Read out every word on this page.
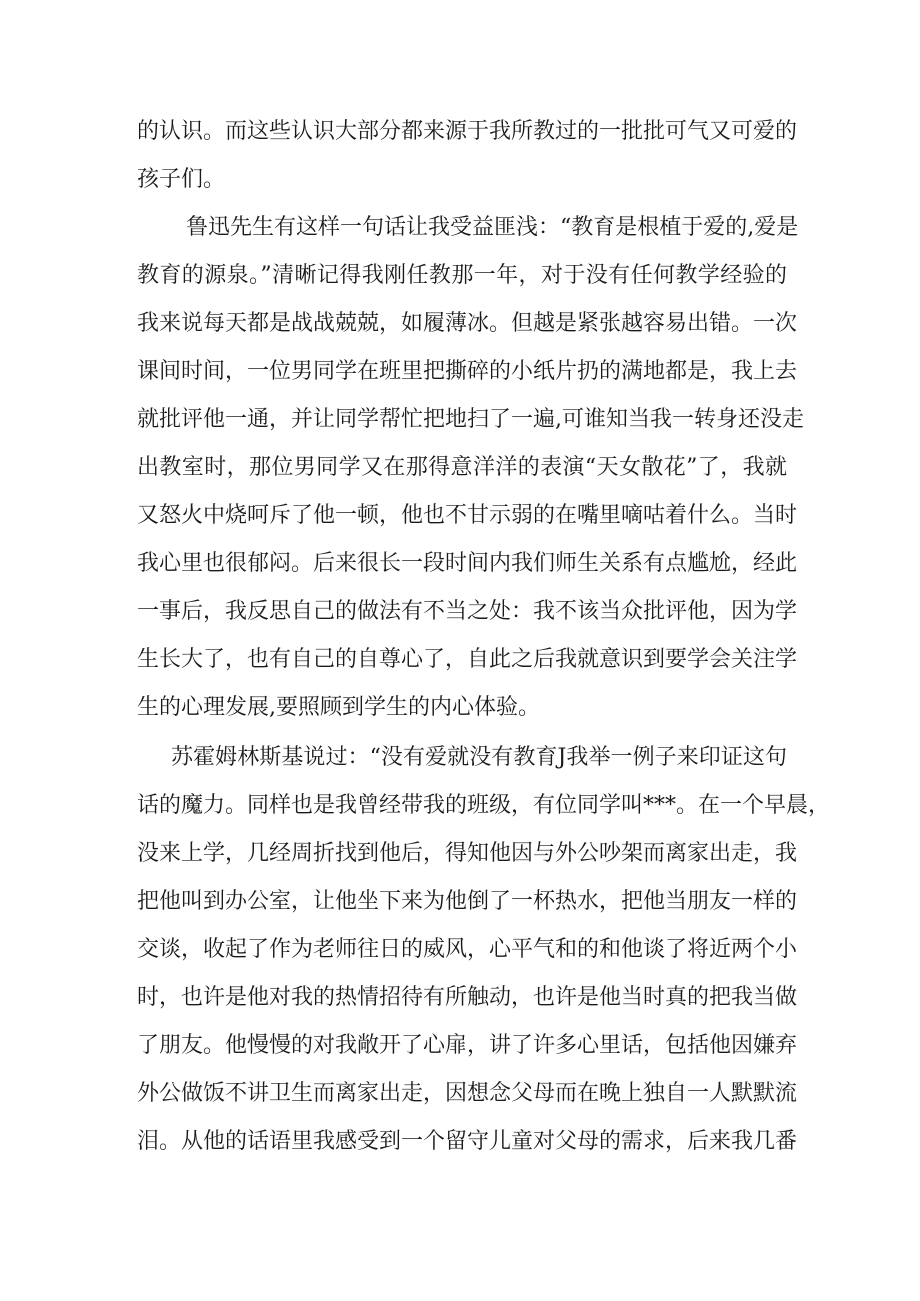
的认识。而这些认识大部分都来源于我所教过的一批批可气又可爱的
孩子们。
鲁迅先生有这样一句话让我受益匪浅：“教育是根植于爱的,爱是
教育的源泉。”清晰记得我刚任教那一年，对于没有任何教学经验的
我来说每天都是战战兢兢，如履薄冰。但越是紧张越容易出错。一次
课间时间，一位男同学在班里把撕碎的小纸片扔的满地都是，我上去
就批评他一通，并让同学帮忙把地扫了一遍,可谁知当我一转身还没走
出教室时，那位男同学又在那得意洋洋的表演“天女散花”了，我就
又怒火中烧呵斥了他一顿，他也不甘示弱的在嘴里嘀咕着什么。当时
我心里也很郁闷。后来很长一段时间内我们师生关系有点尴尬，经此
一事后，我反思自己的做法有不当之处：我不该当众批评他，因为学
生长大了，也有自己的自尊心了，自此之后我就意识到要学会关注学
生的心理发展,要照顾到学生的内心体验。
苏霍姆林斯基说过：“没有爱就没有教育J我举一例子来印证这句
话的魔力。同样也是我曾经带我的班级，有位同学叫***。在一个早晨，
没来上学，几经周折找到他后，得知他因与外公吵架而离家出走，我
把他叫到办公室，让他坐下来为他倒了一杯热水，把他当朋友一样的
交谈，收起了作为老师往日的威风，心平气和的和他谈了将近两个小
时，也许是他对我的热情招待有所触动，也许是他当时真的把我当做
了朋友。他慢慢的对我敞开了心扉，讲了许多心里话，包括他因嫌弃
外公做饭不讲卫生而离家出走，因想念父母而在晚上独自一人默默流
泪。从他的话语里我感受到一个留守儿童对父母的需求，后来我几番
